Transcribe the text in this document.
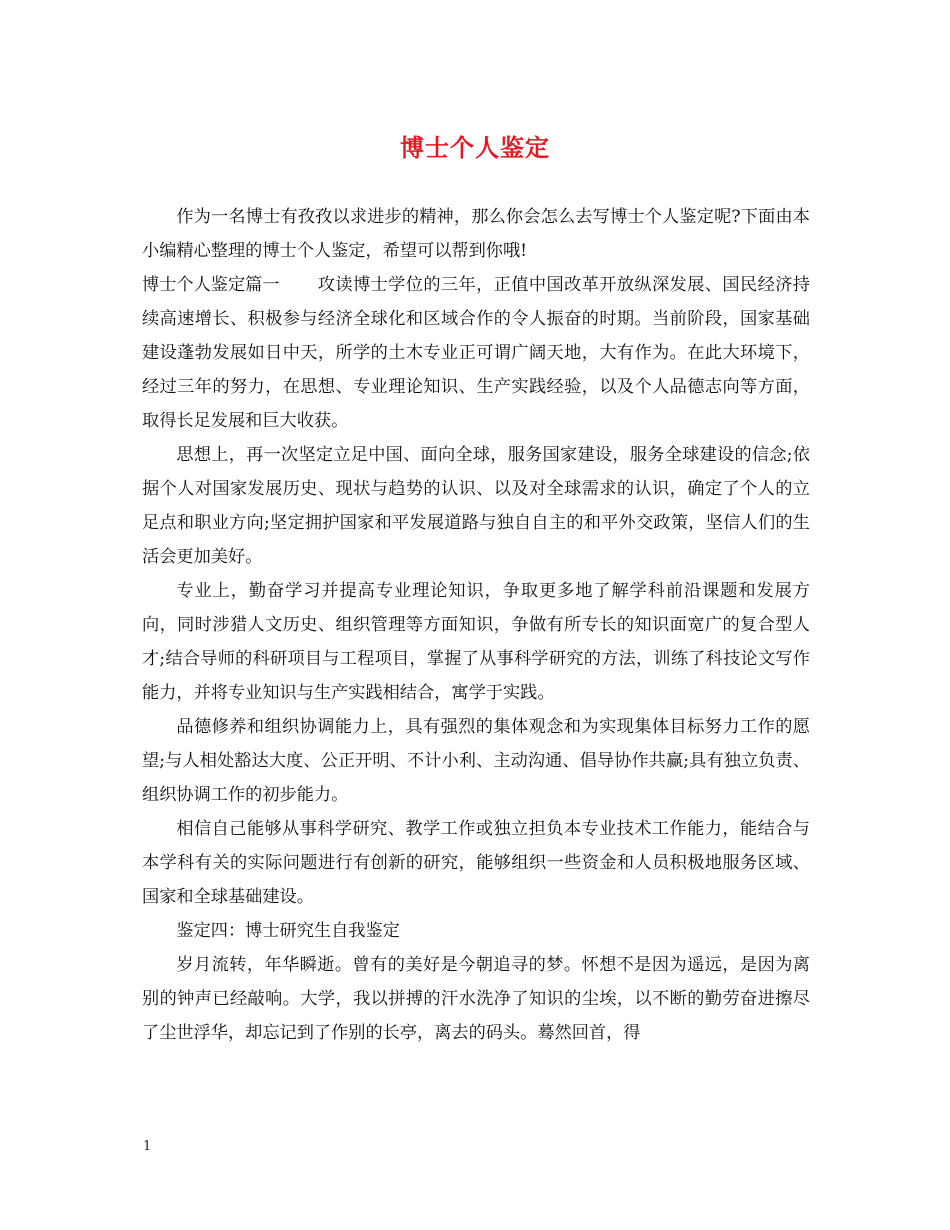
博士个人鉴定

作为一名博士有孜孜以求进步的精神，那么你会怎么去写博士个人鉴定呢?下面由本小编精心整理的博士个人鉴定，希望可以帮到你哦!

博士个人鉴定篇一 攻读博士学位的三年，正值中国改革开放纵深发展、国民经济持续高速增长、积极参与经济全球化和区域合作的令人振奋的时期。当前阶段，国家基础建设蓬勃发展如日中天，所学的土木专业正可谓广阔天地，大有作为。在此大环境下，经过三年的努力，在思想、专业理论知识、生产实践经验，以及个人品德志向等方面，取得长足发展和巨大收获。

思想上，再一次坚定立足中国、面向全球，服务国家建设，服务全球建设的信念;依据个人对国家发展历史、现状与趋势的认识、以及对全球需求的认识，确定了个人的立足点和职业方向;坚定拥护国家和平发展道路与独自自主的和平外交政策，坚信人们的生活会更加美好。

专业上，勤奋学习并提高专业理论知识，争取更多地了解学科前沿课题和发展方向，同时涉猎人文历史、组织管理等方面知识，争做有所专长的知识面宽广的复合型人才;结合导师的科研项目与工程项目，掌握了从事科学研究的方法，训练了科技论文写作能力，并将专业知识与生产实践相结合，寓学于实践。

品德修养和组织协调能力上，具有强烈的集体观念和为实现集体目标努力工作的愿望;与人相处豁达大度、公正开明、不计小利、主动沟通、倡导协作共赢;具有独立负责、组织协调工作的初步能力。

相信自己能够从事科学研究、教学工作或独立担负本专业技术工作能力，能结合与本学科有关的实际问题进行有创新的研究，能够组织一些资金和人员积极地服务区域、国家和全球基础建设。

鉴定四：博士研究生自我鉴定

岁月流转，年华瞬逝。曾有的美好是今朝追寻的梦。怀想不是因为遥远，是因为离别的钟声已经敲响。大学，我以拼搏的汗水洗净了知识的尘埃，以不断的勤劳奋进擦尽了尘世浮华，却忘记到了作别的长亭，离去的码头。蓦然回首，得

1
